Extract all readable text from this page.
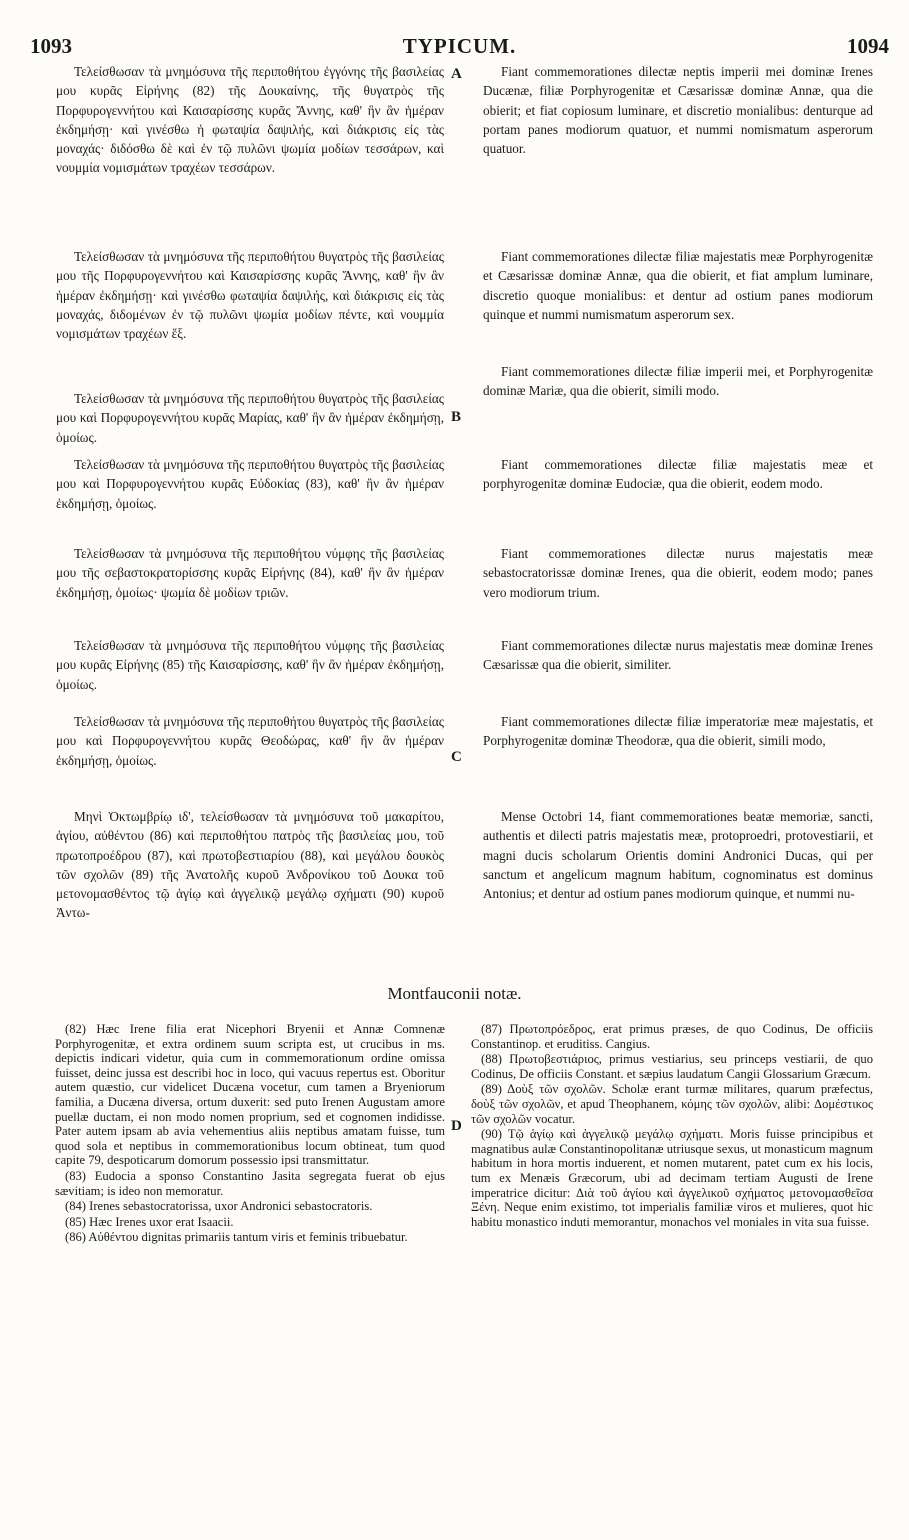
1093	TYPICUM.	1094
A
B
C
D

Τελείσθωσαν τὰ μνημόσυνα τῆς περιποθήτου ἐγγόνης τῆς βασιλείας μου κυρᾶς Εἰρήνης (82) τῆς Δουκαίνης, τῆς θυγατρὸς τῆς Πορφυρογεννήτου καὶ Καισαρίσσης κυρᾶς Ἄννης, καθ' ἣν ἂν ἡμέραν ἐκδημήσῃ· καὶ γινέσθω ἡ φωταψία δαψιλής, καὶ διάκρισις εἰς τὰς μοναχάς· διδόσθω δὲ καὶ ἐν τῷ πυλῶνι ψωμία μοδίων τεσσάρων, καὶ νουμμία νομισμάτων τραχέων τεσσάρων.

Τελείσθωσαν τὰ μνημόσυνα τῆς περιποθήτου θυγατρὸς τῆς βασιλείας μου τῆς Πορφυρογεννήτου καὶ Καισαρίσσης κυρᾶς Ἄννης, καθ' ἣν ἂν ἡμέραν ἐκδημήσῃ· καὶ γινέσθω φωταψία δαψιλής, καὶ διάκρισις εἰς τὰς μοναχάς, διδομένων ἐν τῷ πυλῶνι ψωμία μοδίων πέντε, καὶ νουμμία νομισμάτων τραχέων ἕξ.

Τελείσθωσαν τὰ μνημόσυνα τῆς περιποθήτου θυγατρὸς τῆς βασιλείας μου καὶ Πορφυρογεννήτου κυρᾶς Μαρίας, καθ' ἣν ἂν ἡμέραν ἐκδημήσῃ, ὁμοίως.

Τελείσθωσαν τὰ μνημόσυνα τῆς περιποθήτου θυγατρὸς τῆς βασιλείας μου καὶ Πορφυρογεννήτου κυρᾶς Εὐδοκίας (83), καθ' ἣν ἂν ἡμέραν ἐκδημήσῃ, ὁμοίως.

Τελείσθωσαν τὰ μνημόσυνα τῆς περιποθήτου νύμφης τῆς βασιλείας μου τῆς σεβαστοκρατορίσσης κυρᾶς Εἰρήνης (84), καθ' ἣν ἂν ἡμέραν ἐκδημήσῃ, ὁμοίως· ψωμία δὲ μοδίων τριῶν.

Τελείσθωσαν τὰ μνημόσυνα τῆς περιποθήτου νύμφης τῆς βασιλείας μου κυρᾶς Εἰρήνης (85) τῆς Καισαρίσσης, καθ' ἣν ἂν ἡμέραν ἐκδημήσῃ, ὁμοίως.

Τελείσθωσαν τὰ μνημόσυνα τῆς περιποθήτου θυγατρὸς τῆς βασιλείας μου καὶ Πορφυρογεννήτου κυρᾶς Θεοδώρας, καθ' ἣν ἂν ἡμέραν ἐκδημήσῃ, ὁμοίως.

Μηνὶ Ὀκτωμβρίῳ ιδ', τελείσθωσαν τὰ μνημόσυνα τοῦ μακαρίτου, ἁγίου, αὐθέντου (86) καὶ περιποθήτου πατρὸς τῆς βασιλείας μου, τοῦ πρωτοπροέδρου (87), καὶ πρωτοβεστιαρίου (88), καὶ μεγάλου δουκὸς τῶν σχολῶν (89) τῆς Ἀνατολῆς κυροῦ Ἀνδρονίκου τοῦ Δουκα τοῦ μετονομασθέντος τῷ ἁγίῳ καὶ ἀγγελικῷ μεγάλῳ σχήματι (90) κυροῦ Ἀντω-

Fiant commemorationes dilectæ neptis imperii mei dominæ Irenes Ducænæ, filiæ Porphyrogenitæ et Cæsarissæ dominæ Annæ, qua die obierit; et fiat copiosum luminare, et discretio monialibus: denturque ad portam panes modiorum quatuor, et nummi nomismatum asperorum quatuor.

Fiant commemorationes dilectæ filiæ majestatis meæ Porphyrogenitæ et Cæsarissæ dominæ Annæ, qua die obierit, et fiat amplum luminare, discretio quoque monialibus: et dentur ad ostium panes modiorum quinque et nummi numismatum asperorum sex.

Fiant commemorationes dilectæ filiæ imperii mei, et Porphyrogenitæ dominæ Mariæ, qua die obierit, simili modo.

Fiant commemorationes dilectæ filiæ majestatis meæ et porphyrogenitæ dominæ Eudociæ, qua die obierit, eodem modo.

Fiant commemorationes dilectæ nurus majestatis meæ sebastocratorissæ dominæ Irenes, qua die obierit, eodem modo; panes vero modiorum trium.

Fiant commemorationes dilectæ nurus majestatis meæ dominæ Irenes Cæsarissæ qua die obierit, similiter.

Fiant commemorationes dilectæ filiæ imperatoriæ meæ majestatis, et Porphyrogenitæ dominæ Theodoræ, qua die obierit, simili modo,

Mense Octobri 14, fiant commemorationes beatæ memoriæ, sancti, authentis et dilecti patris majestatis meæ, protoproedri, protovestiarii, et magni ducis scholarum Orientis domini Andronici Ducas, qui per sanctum et angelicum magnum habitum, cognominatus est dominus Antonius; et dentur ad ostium panes modiorum quinque, et nummi nu-

Montfauconii notæ.

(82) Hæc Irene filia erat Nicephori Bryenii et Annæ Comnenæ Porphyrogenitæ, et extra ordinem suum scripta est, ut crucibus in ms. depictis indicari videtur, quia cum in commemorationum ordine omissa fuisset, deinc jussa est describi hoc in loco, qui vacuus repertus est. Oboritur autem quæstio, cur videlicet Ducæna vocetur, cum tamen a Bryeniorum familia, a Ducæna diversa, ortum duxerit: sed puto Irenen Augustam amore puellæ ductam, ei non modo nomen proprium, sed et cognomen indidisse. Pater autem ipsam ab avia vehementius aliis neptibus amatam fuisse, tum quod sola et neptibus in commemorationibus locum obtineat, tum quod capite 79, despoticarum domorum possessio ipsi transmittatur.

(83) Eudocia a sponso Constantino Jasita segregata fuerat ob ejus sævitiam; is ideo non memoratur.

(84) Irenes sebastocratorissa, uxor Andronici sebastocratoris.

(85) Hæc Irenes uxor erat Isaacii.

(86) Αὐθέντου dignitas primariis tantum viris et feminis tribuebatur.

(87) Πρωτοπρόεδρος, erat primus præses, de quo Codinus, De officiis Constantinop. et eruditiss. Cangius.

(88) Πρωτοβεστιάριος, primus vestiarius, seu princeps vestiarii, de quo Codinus, De officiis Constant. et sæpius laudatum Cangii Glossarium Græcum.

(89) Δοὺξ τῶν σχολῶν. Scholæ erant turmæ militares, quarum præfectus, δοὺξ τῶν σχολῶν, et apud Theophanem, κόμης τῶν σχολῶν, alibi: Δομέστικος τῶν σχολῶν vocatur.

(90) Τῷ ἁγίῳ καὶ ἀγγελικῷ μεγάλῳ σχήματι. Moris fuisse principibus et magnatibus aulæ Constantinopolitanæ utriusque sexus, ut monasticum magnum habitum in hora mortis induerent, et nomen mutarent, patet cum ex his locis, tum ex Menæis Græcorum, ubi ad decimam tertiam Augusti de Irene imperatrice dicitur: Διὰ τοῦ ἁγίου καὶ ἀγγελικοῦ σχήματος μετονομασθεῖσα Ξένη. Neque enim existimo, tot imperialis familiæ viros et mulieres, quot hic habitu monastico induti memorantur, monachos vel moniales in vita sua fuisse.
